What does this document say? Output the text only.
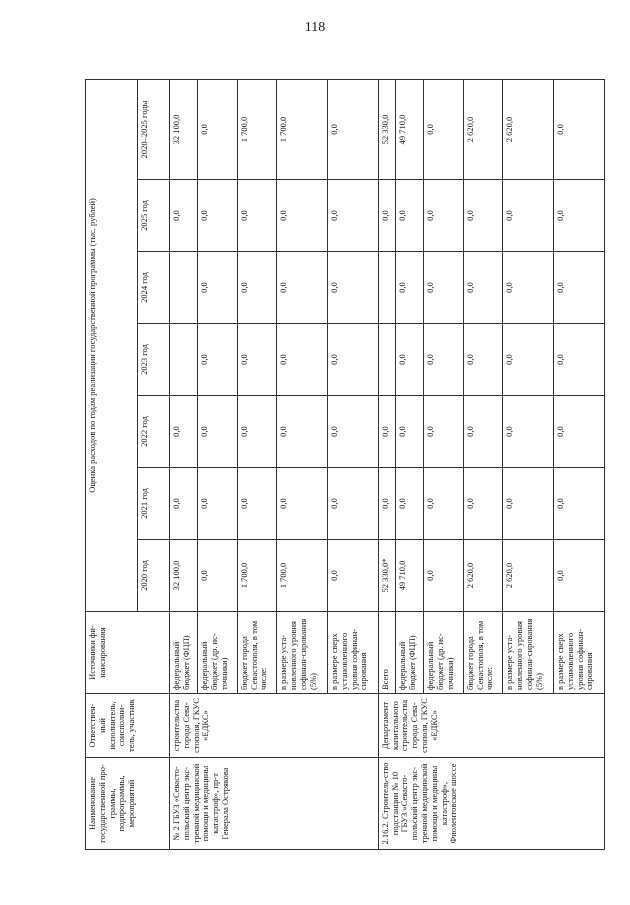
118
Наименование государственной про-граммы, подпрограммы, мероприятий	Ответствен-ный исполнитель, соисполни-тель, участник	Источники фи-нансирования	Оценка расходов по годам реализации государственной программы (тыс. рублей)						
			2020 год	2021 год	2022 год	2023 год	2024 год	2025 год	2020–2025 годы
№ 2 ГБУЗ «Севасто-польский центр экс-тренной медицинской помощи и медицины катастроф», пр-т Генерала Острякова	строительства города Сева-стополя, ГКУС «ЕДКС»	федеральный бюджет (ФЦП)	32 100,0	0,0	0,0			0,0	32 100,0
		федеральный бюджет (др. ис-точники)	0,0	0,0	0,0	0,0	0,0	0,0	0,0
		бюджет города Севастополя, в том числе:	1 700,0	0,0	0,0	0,0	0,0	0,0	1 700,0
		в размере уста-новленного уровня софинан-сирования (5%)	1 700,0	0,0	0,0	0,0	0,0	0,0	1 700,0
		в размере сверх установленного уровня софинан-сирования	0,0	0,0	0,0	0,0	0,0	0,0	0,0
2.16.2. Строитель-ство подстанции № 10 ГБУЗ «Севасто-польский центр экс-тренной медицинской помощи и медицины катастроф», Фиолентовское шоссе	Департамент капитального строительства города Сева-стополя, ГКУС «ЕДКС»	Всего	52 330,0*	0,0	0,0			0,0	52 330,0
		федеральный бюджет (ФЦП)	49 710,0	0,0	0,0	0,0	0,0	0,0	49 710,0
		федеральный бюджет (др. ис-точники)	0,0	0,0	0,0	0,0	0,0	0,0	0,0
		бюджет города Севастополя, в том числе:	2 620,0	0,0	0,0	0,0	0,0	0,0	2 620,0
		в размере уста-новленного уровня софинан-сирования (5%)	2 620,0	0,0	0,0	0,0	0,0	0,0	2 620,0
		в размере сверх установленного уровня софинан-сирования	0,0	0,0	0,0	0,0	0,0	0,0	0,0
